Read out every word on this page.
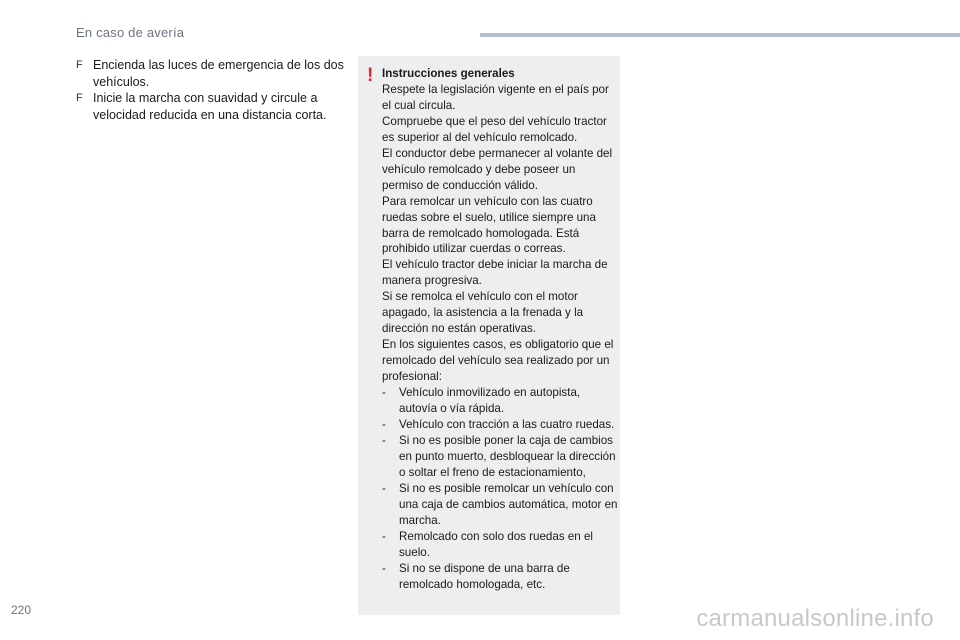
En caso de avería
F Encienda las luces de emergencia de los dos vehículos.
F Inicie la marcha con suavidad y circule a velocidad reducida en una distancia corta.
! Instrucciones generales

Respete la legislación vigente en el país por el cual circula.

Compruebe que el peso del vehículo tractor es superior al del vehículo remolcado.

El conductor debe permanecer al volante del vehículo remolcado y debe poseer un permiso de conducción válido.

Para remolcar un vehículo con las cuatro ruedas sobre el suelo, utilice siempre una barra de remolcado homologada. Está prohibido utilizar cuerdas o correas.

El vehículo tractor debe iniciar la marcha de manera progresiva.

Si se remolca el vehículo con el motor apagado, la asistencia a la frenada y la dirección no están operativas.

En los siguientes casos, es obligatorio que el remolcado del vehículo sea realizado por un profesional:

- Vehículo inmovilizado en autopista, autovía o vía rápida.
- Vehículo con tracción a las cuatro ruedas.
- Si no es posible poner la caja de cambios en punto muerto, desbloquear la dirección o soltar el freno de estacionamiento,
- Si no es posible remolcar un vehículo con una caja de cambios automática, motor en marcha.
- Remolcado con solo dos ruedas en el suelo.
- Si no se dispone de una barra de remolcado homologada, etc.
220	carmanualsonline.info
